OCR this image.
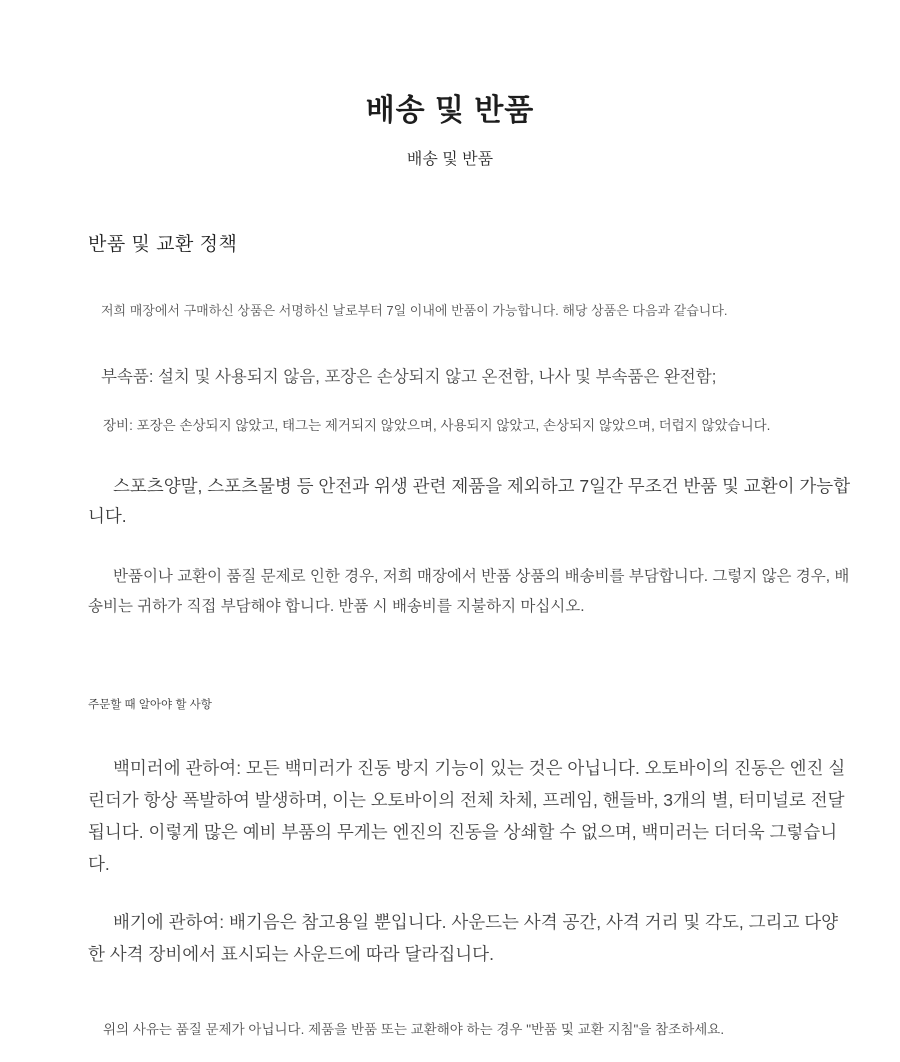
배송 및 반품
배송 및 반품
반품 및 교환 정책

저희 매장에서 구매하신 상품은 서명하신 날로부터 7일 이내에 반품이 가능합니다. 해당 상품은 다음과 같습니다.

부속품: 설치 및 사용되지 않음, 포장은 손상되지 않고 온전함, 나사 및 부속품은 완전함;

장비: 포장은 손상되지 않았고, 태그는 제거되지 않았으며, 사용되지 않았고, 손상되지 않았으며, 더럽지 않았습니다.

스포츠양말, 스포츠물병 등 안전과 위생 관련 제품을 제외하고 7일간 무조건 반품 및 교환이 가능합니다.

반품이나 교환이 품질 문제로 인한 경우, 저희 매장에서 반품 상품의 배송비를 부담합니다. 그렇지 않은 경우, 배송비는 귀하가 직접 부담해야 합니다. 반품 시 배송비를 지불하지 마십시오.

주문할 때 알아야 할 사항

백미러에 관하여: 모든 백미러가 진동 방지 기능이 있는 것은 아닙니다. 오토바이의 진동은 엔진 실린더가 항상 폭발하여 발생하며, 이는 오토바이의 전체 차체, 프레임, 핸들바, 3개의 별, 터미널로 전달됩니다. 이렇게 많은 예비 부품의 무게는 엔진의 진동을 상쇄할 수 없으며, 백미러는 더더욱 그렇습니다.

배기에 관하여: 배기음은 참고용일 뿐입니다. 사운드는 사격 공간, 사격 거리 및 각도, 그리고 다양한 사격 장비에서 표시되는 사운드에 따라 달라집니다.

위의 사유는 품질 문제가 아닙니다. 제품을 반품 또는 교환해야 하는 경우 "반품 및 교환 지침"을 참조하세요.
